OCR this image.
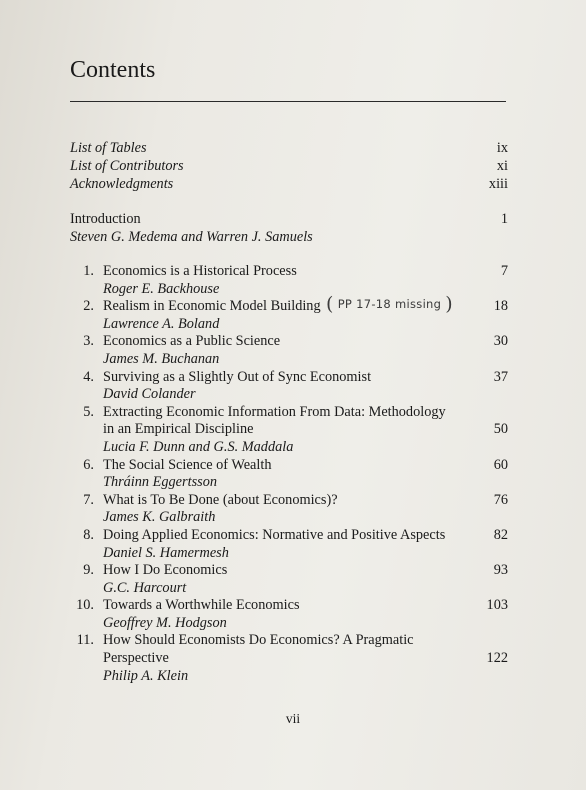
Contents
List of Tables	ix
List of Contributors	xi
Acknowledgments	xiii
Introduction	1
Steven G. Medema and Warren J. Samuels
1. Economics is a Historical Process	7
Roger E. Backhouse
2. Realism in Economic Model Building ( PP 17-18 missing )	18
Lawrence A. Boland
3. Economics as a Public Science	30
James M. Buchanan
4. Surviving as a Slightly Out of Sync Economist	37
David Colander
5. Extracting Economic Information From Data: Methodology
in an Empirical Discipline	50
Lucia F. Dunn and G.S. Maddala
6. The Social Science of Wealth	60
Thráinn Eggertsson
7. What is To Be Done (about Economics)?	76
James K. Galbraith
8. Doing Applied Economics: Normative and Positive Aspects	82
Daniel S. Hamermesh
9. How I Do Economics	93
G.C. Harcourt
10. Towards a Worthwhile Economics	103
Geoffrey M. Hodgson
11. How Should Economists Do Economics? A Pragmatic
Perspective	122
Philip A. Klein
vii
